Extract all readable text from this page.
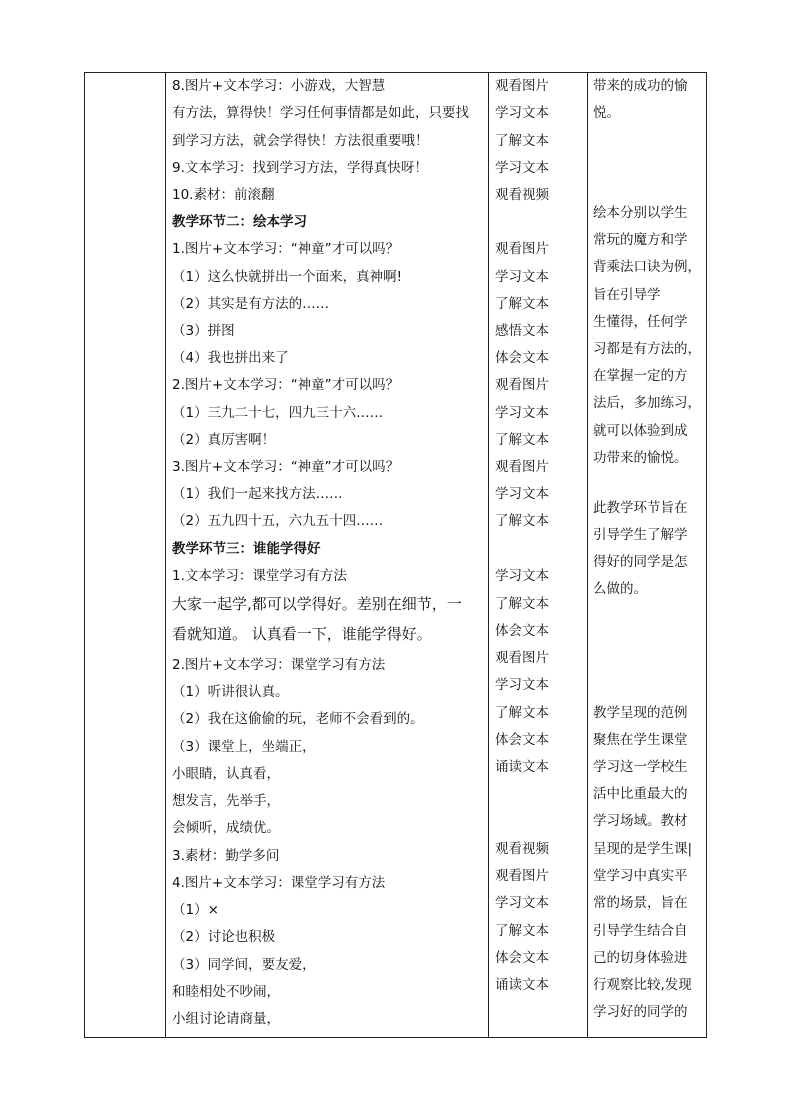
8.图片+文本学习：小游戏，大智慧
有方法，算得快！学习任何事情都是如此，只要找
到学习方法，就会学得快！方法很重要哦！
9.文本学习：找到学习方法，学得真快呀！
10.素材：前滚翻
教学环节二：绘本学习
1.图片+文本学习：“神童”才可以吗？
（1）这么快就拼出一个面来，真神啊!
（2）其实是有方法的……
（3）拼图
（4）我也拼出来了
2.图片+文本学习：“神童”才可以吗？
（1）三九二十七，四九三十六……
（2）真厉害啊！
3.图片+文本学习：“神童”才可以吗？
（1）我们一起来找方法……
（2）五九四十五，六九五十四……
教学环节三：谁能学得好
1.文本学习：课堂学习有方法
大家一起学,都可以学得好。差别在细节，一
看就知道。 认真看一下，谁能学得好。
2.图片+文本学习：课堂学习有方法
（1）听讲很认真。
（2）我在这偷偷的玩，老师不会看到的。
（3）课堂上，坐端正，
小眼睛，认真看，
想发言，先举手，
会倾听，成绩优。
3.素材：勤学多问
4.图片+文本学习：课堂学习有方法
（1）×
（2）讨论也积极
（3）同学间，要友爱，
和睦相处不吵闹，
小组讨论请商量，
观看图片
学习文本
了解文本
学习文本
观看视频
观看图片
学习文本
了解文本
感悟文本
体会文本
观看图片
学习文本
了解文本
观看图片
学习文本
了解文本
学习文本
了解文本
体会文本
观看图片
学习文本
了解文本
体会文本
诵读文本
观看视频
观看图片
学习文本
了解文本
体会文本
诵读文本
带来的成功的愉
悦。
绘本分别以学生
常玩的魔方和学
背乘法口诀为例，
旨在引导学
生懂得，任何学
习都是有方法的，
在掌握一定的方
法后，多加练习，
就可以体验到成
功带来的愉悦。
此教学环节旨在
引导学生了解学
得好的同学是怎
么做的。
教学呈现的范例
聚焦在学生课堂
学习这一学校生
活中比重最大的
学习场域。教材
呈现的是学生课|
堂学习中真实平
常的场景，旨在
引导学生结合自
己的切身体验进
行观察比较,发现
学习好的同学的
